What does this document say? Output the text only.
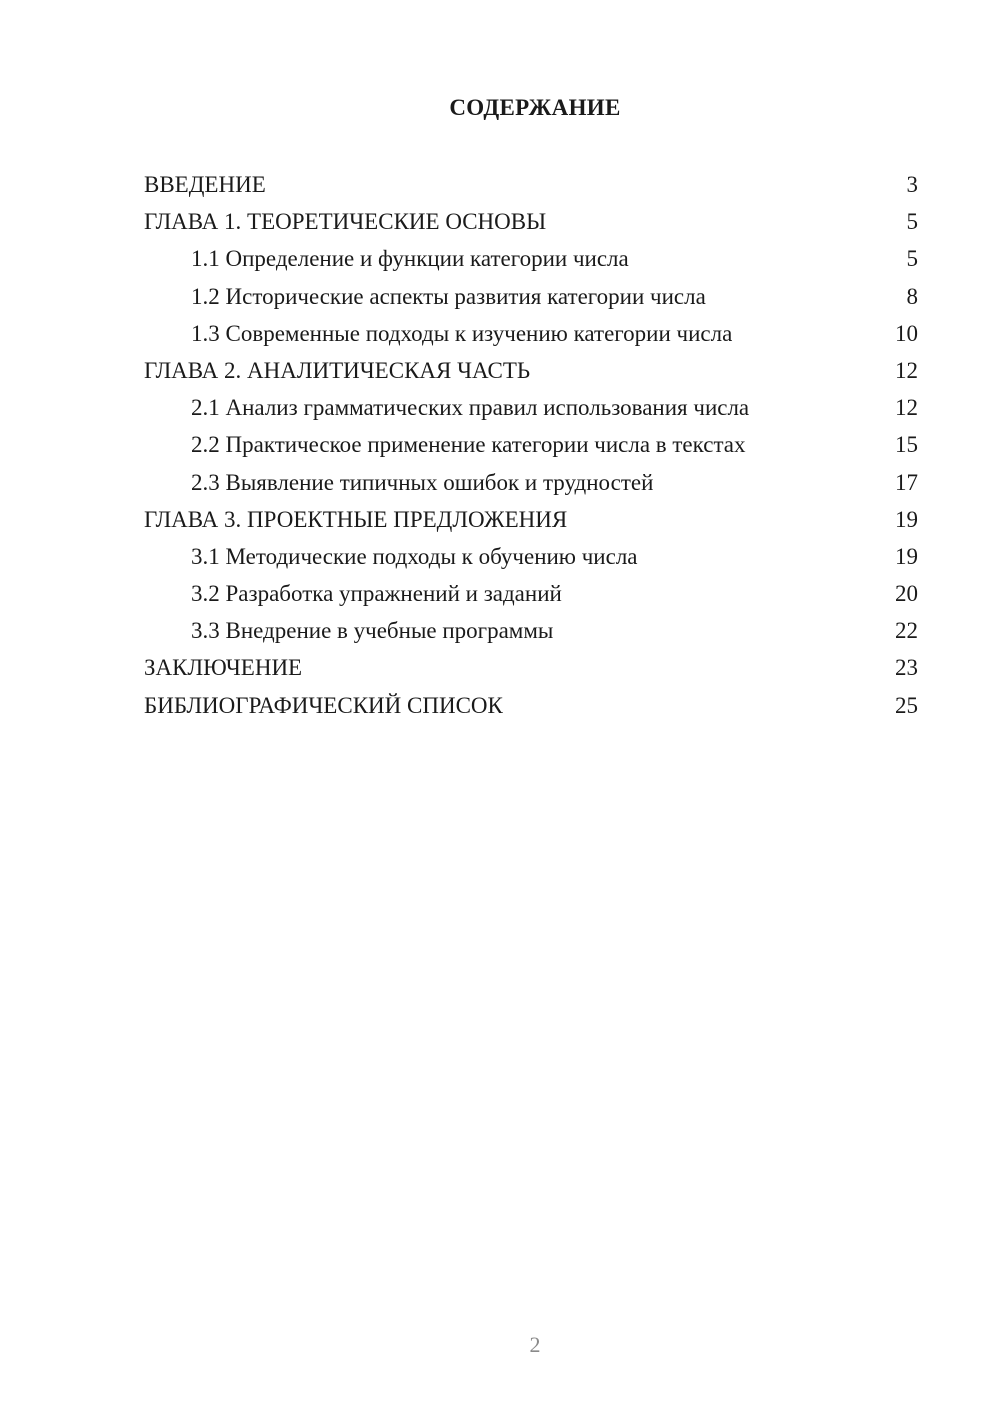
СОДЕРЖАНИЕ
ВВЕДЕНИЕ	3
ГЛАВА 1. ТЕОРЕТИЧЕСКИЕ ОСНОВЫ	5
1.1 Определение и функции категории числа	5
1.2 Исторические аспекты развития категории числа	8
1.3 Современные подходы к изучению категории числа	10
ГЛАВА 2. АНАЛИТИЧЕСКАЯ ЧАСТЬ	12
2.1 Анализ грамматических правил использования числа	12
2.2 Практическое применение категории числа в текстах	15
2.3 Выявление типичных ошибок и трудностей	17
ГЛАВА 3. ПРОЕКТНЫЕ ПРЕДЛОЖЕНИЯ	19
3.1 Методические подходы к обучению числа	19
3.2 Разработка упражнений и заданий	20
3.3 Внедрение в учебные программы	22
ЗАКЛЮЧЕНИЕ	23
БИБЛИОГРАФИЧЕСКИЙ СПИСОК	25
2
